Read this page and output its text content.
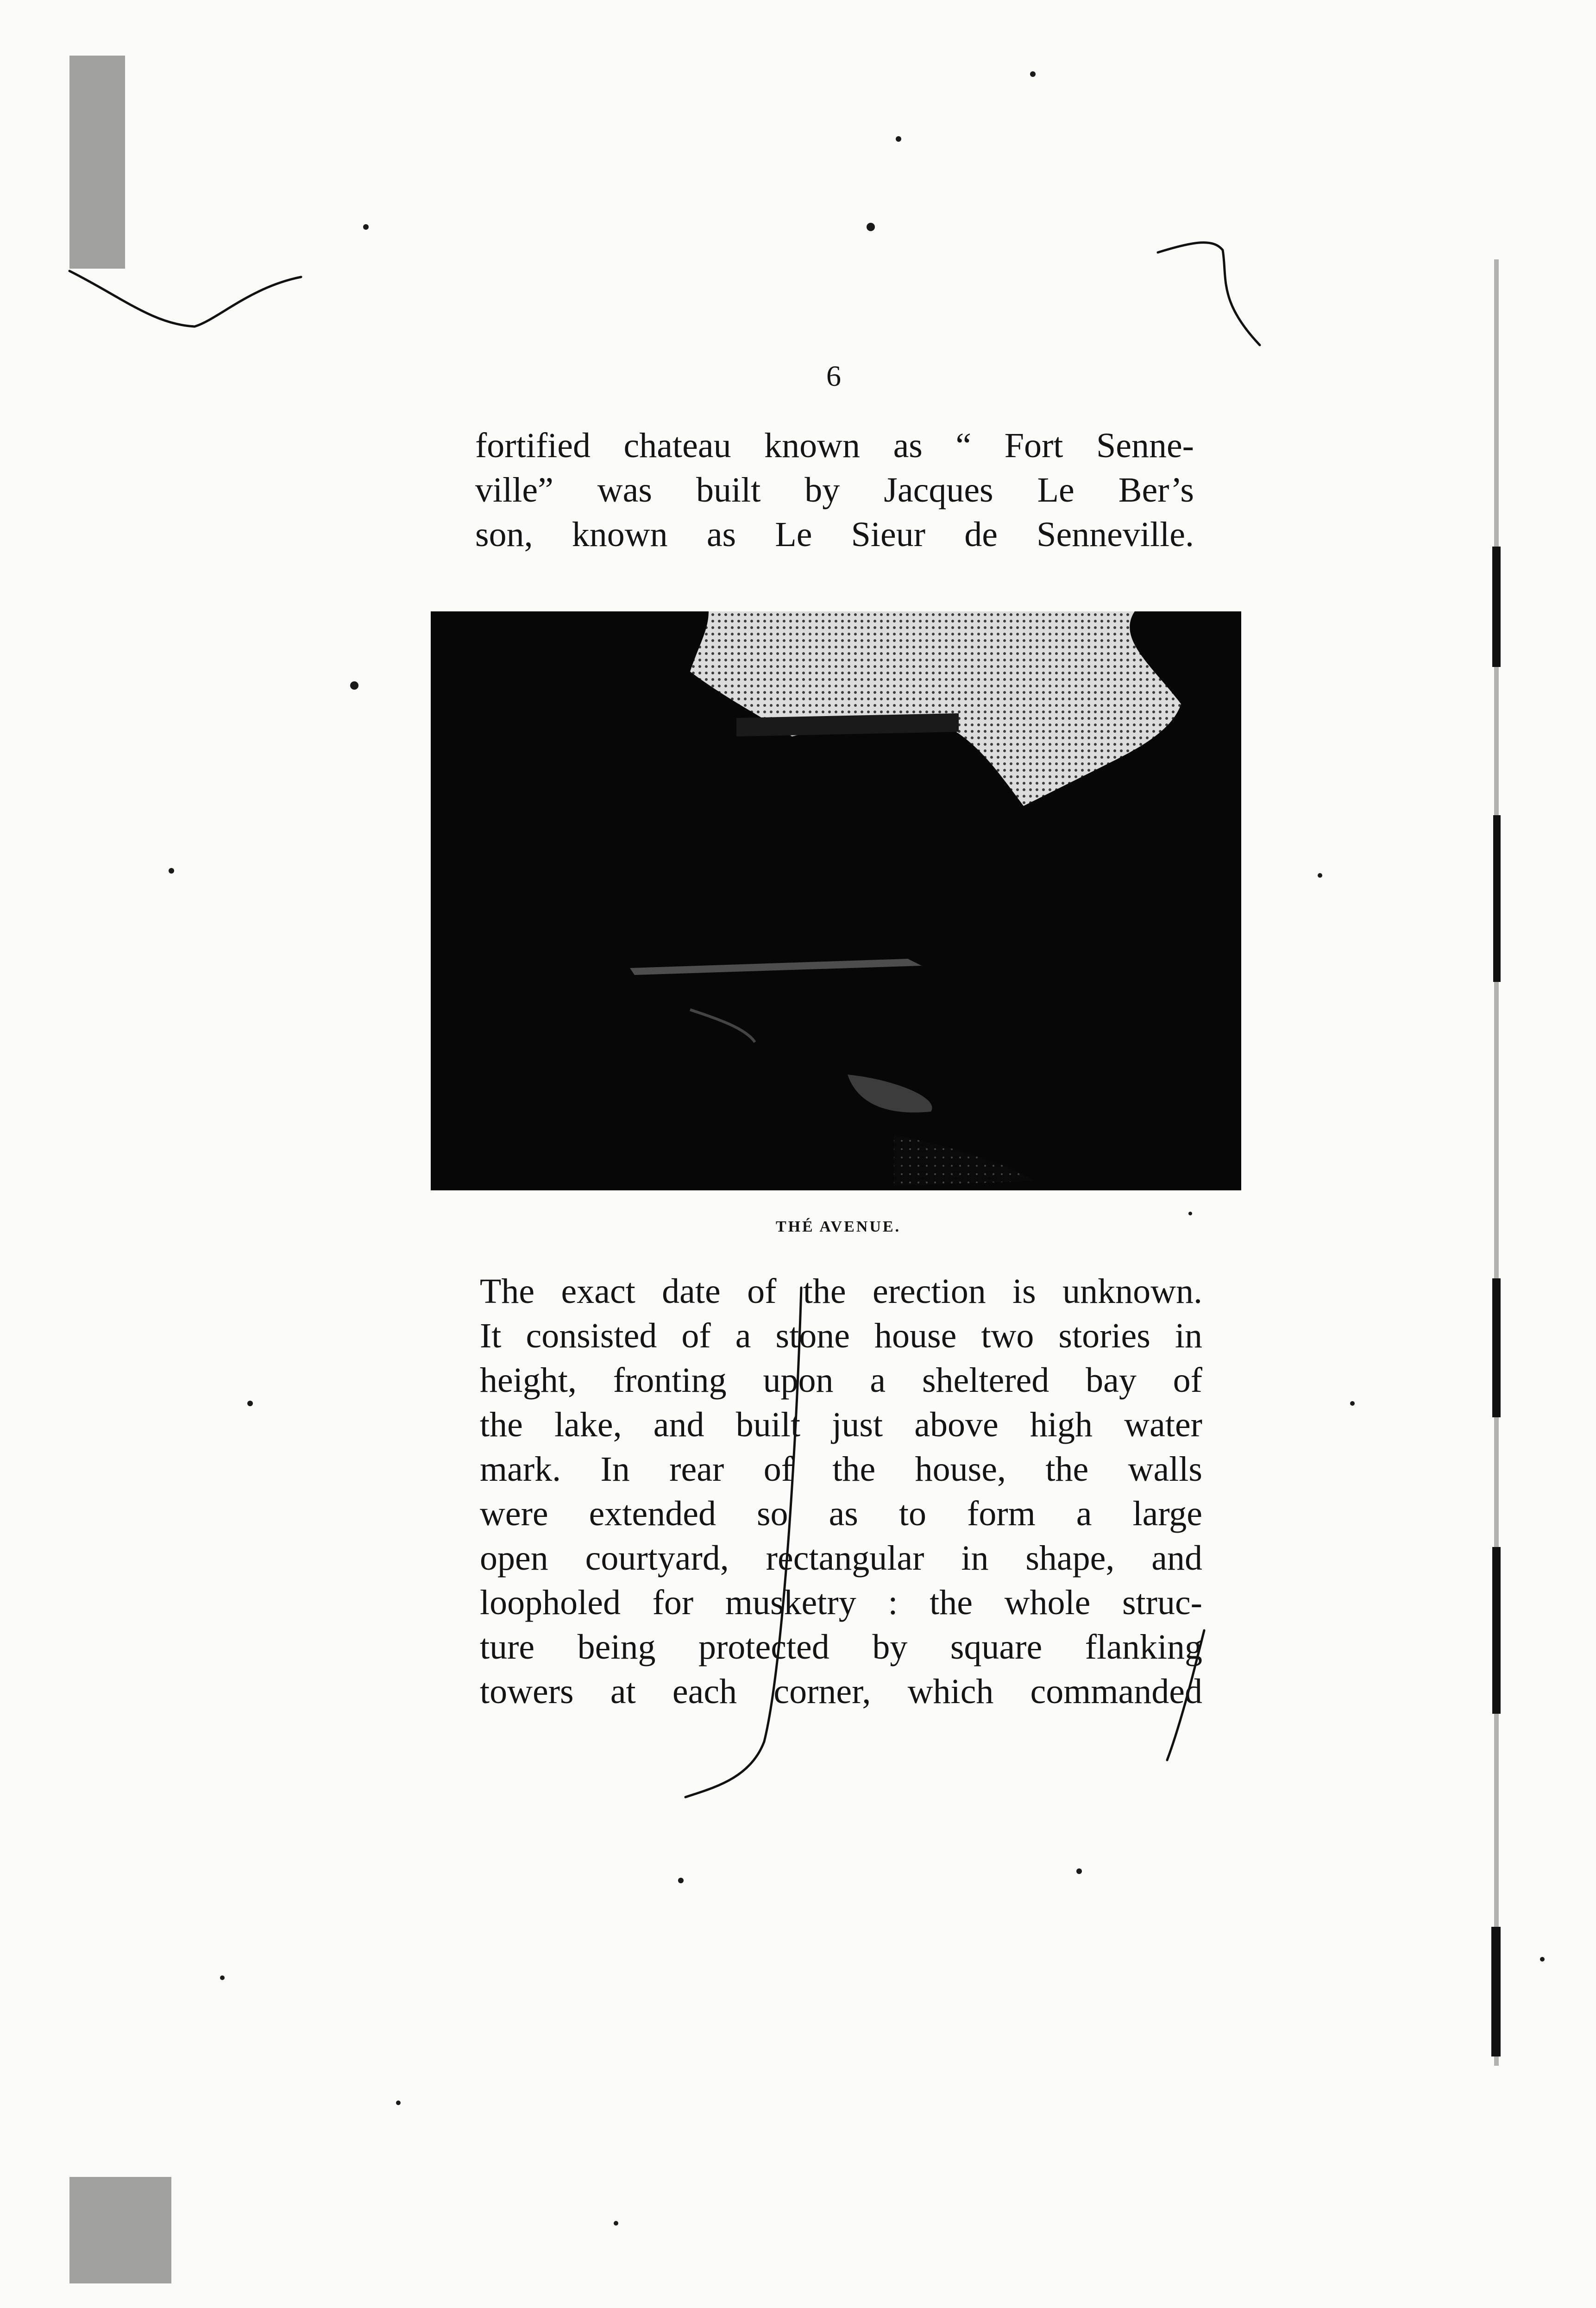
6
fortified chateau known as “ Fort Senne-
ville” was built by Jacques Le Ber’s
son, known as Le Sieur de Senneville.
THÉ AVENUE.
The exact date of the erection is unknown.
It consisted of a stone house two stories in
height, fronting upon a sheltered bay of
the lake, and built just above high water
mark. In rear of the house, the walls
were extended so as to form a large
open courtyard, rectangular in shape, and
loopholed for musketry : the whole struc-
ture being protected by square flanking
towers at each corner, which commanded
